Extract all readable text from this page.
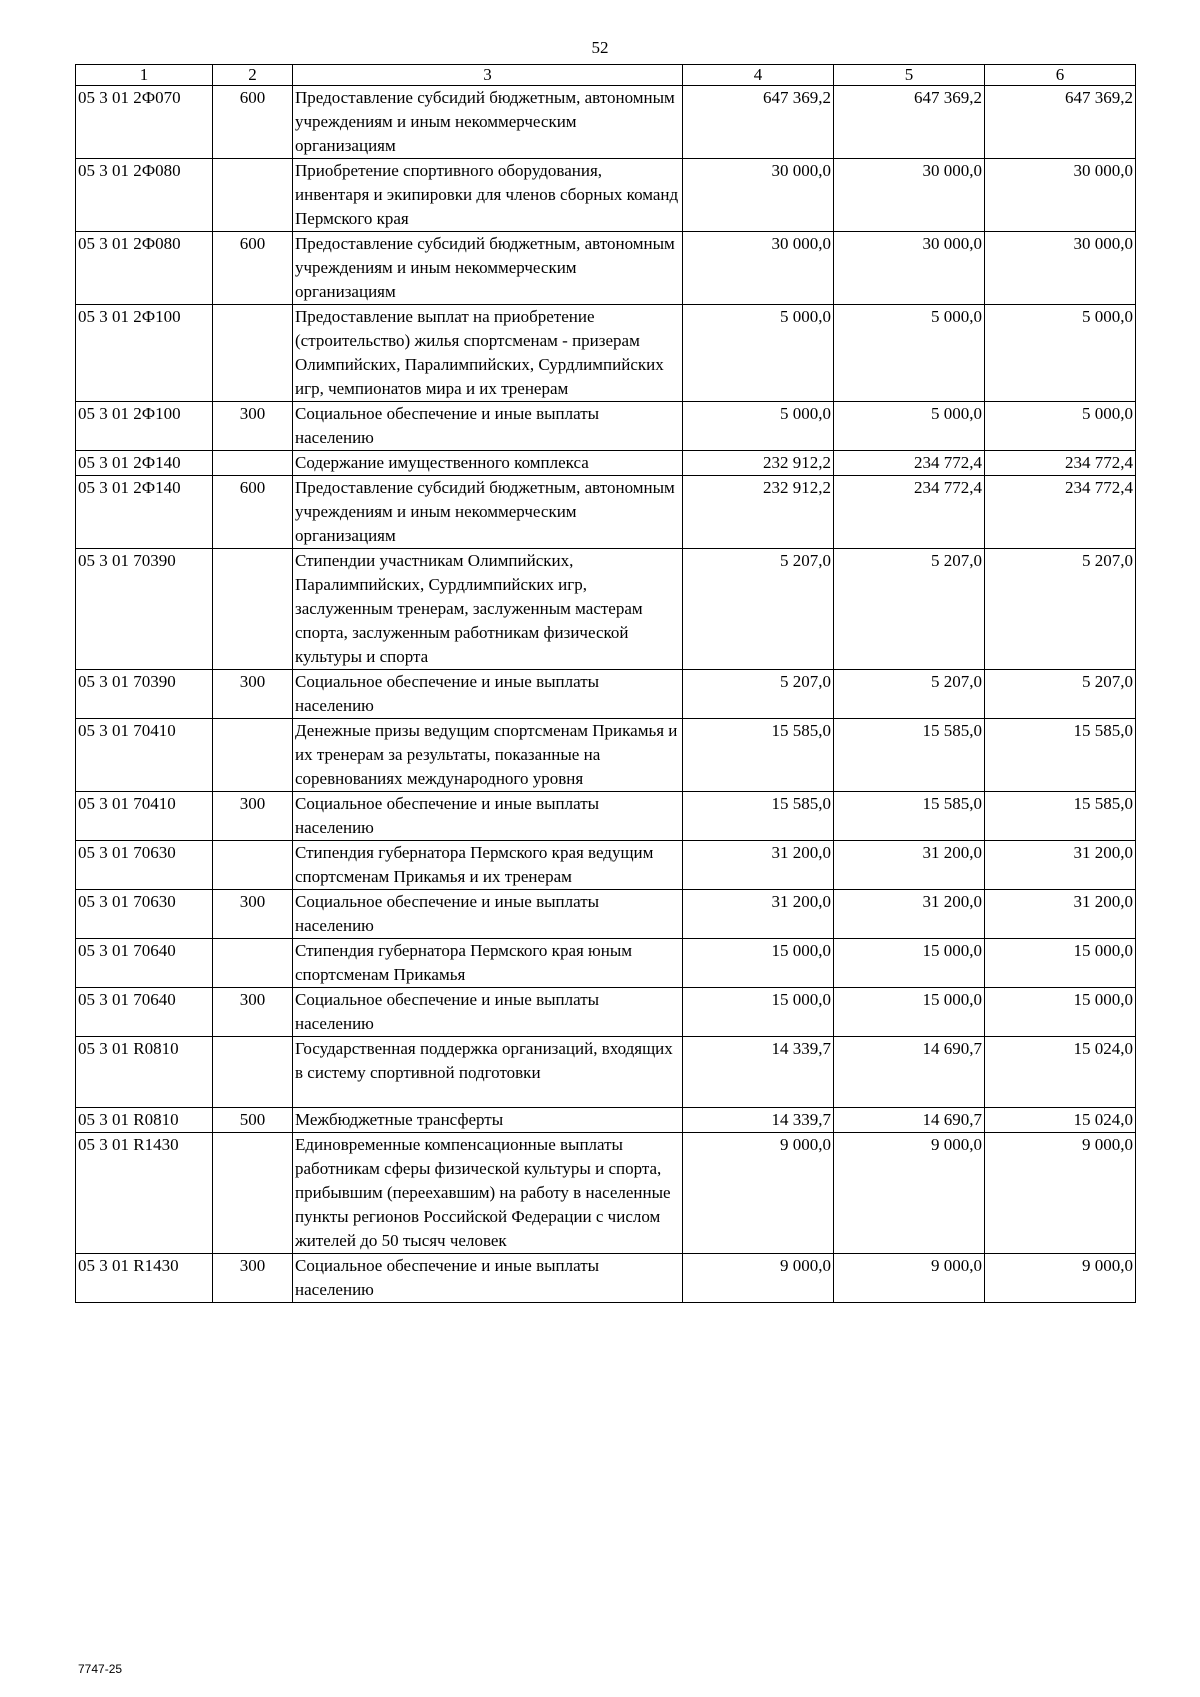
52
1	2	3	4	5	6
05 3 01 2Ф070	600	Предоставление субсидий бюджетным, автономным учреждениям и иным некоммерческим организациям	647 369,2	647 369,2	647 369,2
05 3 01 2Ф080		Приобретение спортивного оборудования, инвентаря и экипировки для членов сборных команд Пермского края	30 000,0	30 000,0	30 000,0
05 3 01 2Ф080	600	Предоставление субсидий бюджетным, автономным учреждениям и иным некоммерческим организациям	30 000,0	30 000,0	30 000,0
05 3 01 2Ф100		Предоставление выплат на приобретение (строительство) жилья спортсменам - призерам Олимпийских, Паралимпийских, Сурдлимпийских игр, чемпионатов мира и их тренерам	5 000,0	5 000,0	5 000,0
05 3 01 2Ф100	300	Социальное обеспечение и иные выплаты населению	5 000,0	5 000,0	5 000,0
05 3 01 2Ф140		Содержание имущественного комплекса	232 912,2	234 772,4	234 772,4
05 3 01 2Ф140	600	Предоставление субсидий бюджетным, автономным учреждениям и иным некоммерческим организациям	232 912,2	234 772,4	234 772,4
05 3 01 70390		Стипендии участникам Олимпийских, Паралимпийских, Сурдлимпийских игр, заслуженным тренерам, заслуженным мастерам спорта, заслуженным работникам физической культуры и спорта	5 207,0	5 207,0	5 207,0
05 3 01 70390	300	Социальное обеспечение и иные выплаты населению	5 207,0	5 207,0	5 207,0
05 3 01 70410		Денежные призы ведущим спортсменам Прикамья и их тренерам за результаты, показанные на соревнованиях международного уровня	15 585,0	15 585,0	15 585,0
05 3 01 70410	300	Социальное обеспечение и иные выплаты населению	15 585,0	15 585,0	15 585,0
05 3 01 70630		Стипендия губернатора Пермского края ведущим спортсменам Прикамья и их тренерам	31 200,0	31 200,0	31 200,0
05 3 01 70630	300	Социальное обеспечение и иные выплаты населению	31 200,0	31 200,0	31 200,0
05 3 01 70640		Стипендия губернатора Пермского края юным спортсменам Прикамья	15 000,0	15 000,0	15 000,0
05 3 01 70640	300	Социальное обеспечение и иные выплаты населению	15 000,0	15 000,0	15 000,0
05 3 01 R0810		Государственная поддержка организаций, входящих в систему спортивной подготовки	14 339,7	14 690,7	15 024,0
05 3 01 R0810	500	Межбюджетные трансферты	14 339,7	14 690,7	15 024,0
05 3 01 R1430		Единовременные компенсационные выплаты работникам сферы физической культуры и спорта, прибывшим (переехавшим) на работу в населенные пункты регионов Российской Федерации с числом жителей до 50 тысяч человек	9 000,0	9 000,0	9 000,0
05 3 01 R1430	300	Социальное обеспечение и иные выплаты населению	9 000,0	9 000,0	9 000,0
7747-25
